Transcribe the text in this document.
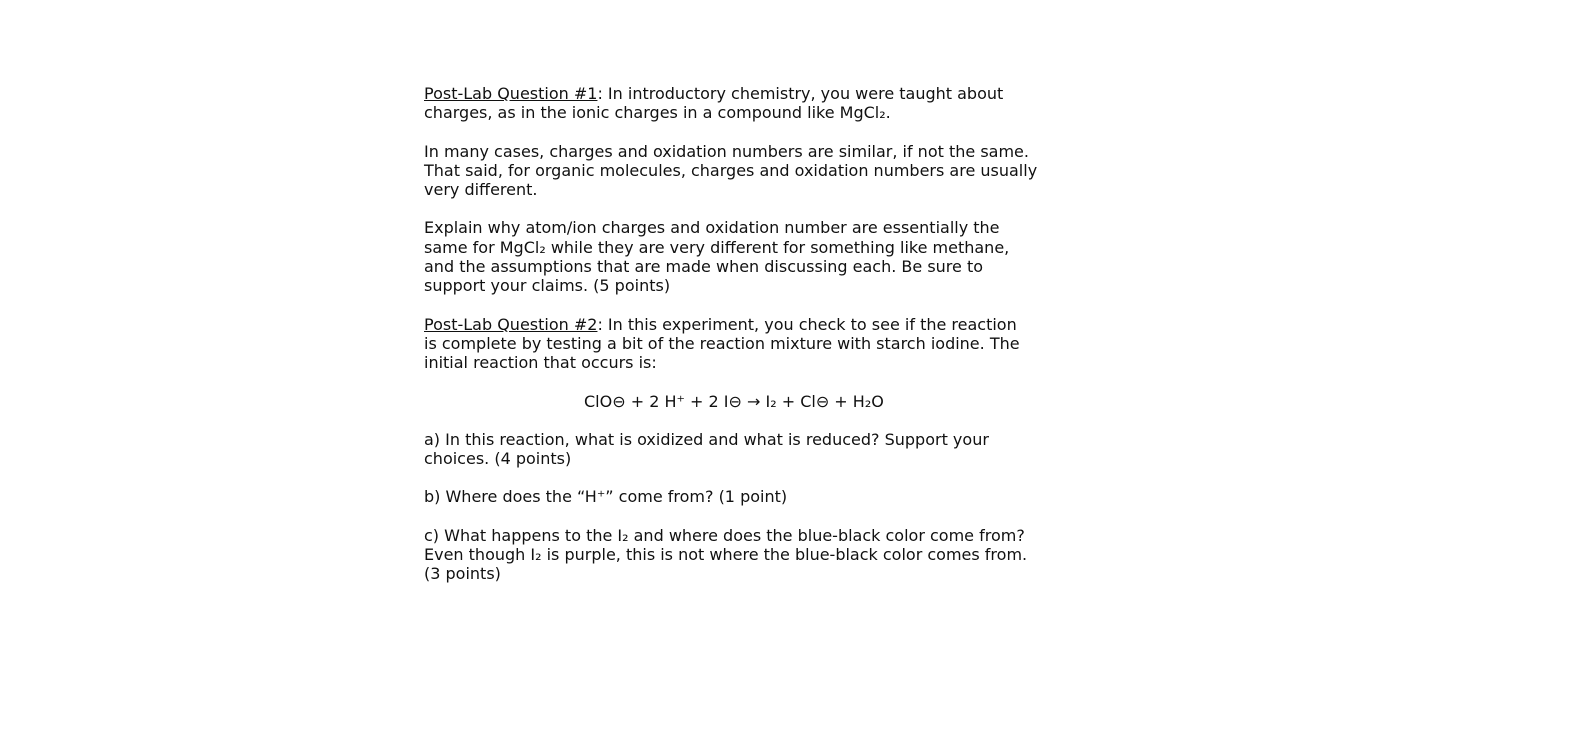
Post-Lab Question #1: In introductory chemistry, you were taught about
charges, as in the ionic charges in a compound like MgCl₂.

In many cases, charges and oxidation numbers are similar, if not the same.
That said, for organic molecules, charges and oxidation numbers are usually
very different.

Explain why atom/ion charges and oxidation number are essentially the
same for MgCl₂ while they are very different for something like methane,
and the assumptions that are made when discussing each. Be sure to
support your claims. (5 points)

Post-Lab Question #2: In this experiment, you check to see if the reaction
is complete by testing a bit of the reaction mixture with starch iodine. The
initial reaction that occurs is:

ClO⊖ + 2 H⁺ + 2 I⊖ → I₂ + Cl⊖ + H₂O

a) In this reaction, what is oxidized and what is reduced? Support your
choices. (4 points)

b) Where does the “H⁺” come from? (1 point)

c) What happens to the I₂ and where does the blue-black color come from?
Even though I₂ is purple, this is not where the blue-black color comes from.
(3 points)
